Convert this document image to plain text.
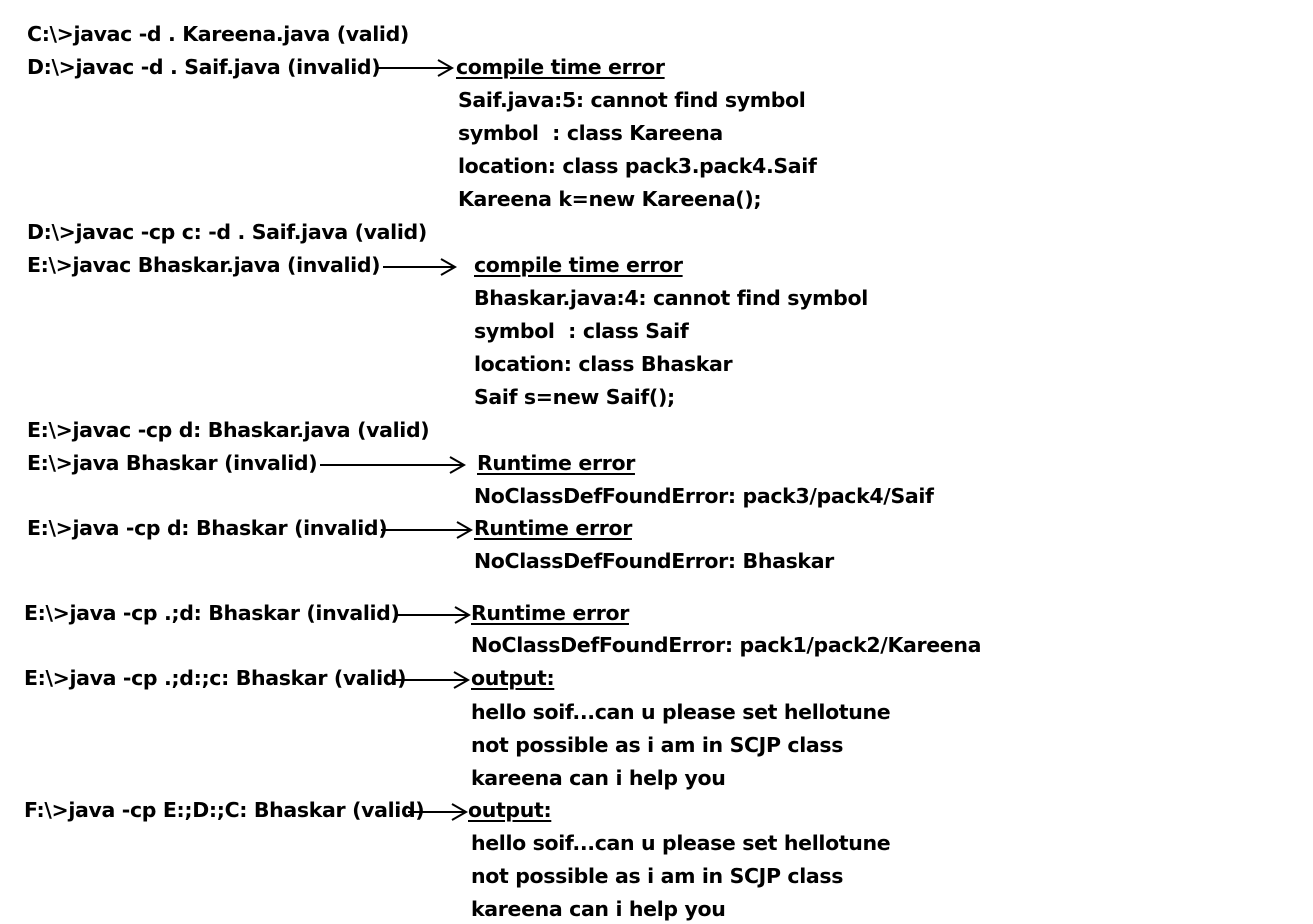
C:\>javac -d . Kareena.java (valid)
D:\>javac -d . Saif.java (invalid)
D:\>javac -cp c: -d . Saif.java (valid)
E:\>javac Bhaskar.java (invalid)
E:\>javac -cp d: Bhaskar.java (valid)
E:\>java Bhaskar (invalid)
E:\>java -cp d: Bhaskar (invalid)
E:\>java -cp .;d: Bhaskar (invalid)
E:\>java -cp .;d:;c: Bhaskar (valid)
F:\>java -cp E:;D:;C: Bhaskar (valid)
compile time error
Saif.java:5: cannot find symbol
symbol  : class Kareena
location: class pack3.pack4.Saif
Kareena k=new Kareena();
compile time error
Bhaskar.java:4: cannot find symbol
symbol  : class Saif
location: class Bhaskar
Saif s=new Saif();
Runtime error
NoClassDefFoundError: pack3/pack4/Saif
Runtime error
NoClassDefFoundError: Bhaskar
Runtime error
NoClassDefFoundError: pack1/pack2/Kareena
output:
hello soif...can u please set hellotune
not possible as i am in SCJP class
kareena can i help you
output:
hello soif...can u please set hellotune
not possible as i am in SCJP class
kareena can i help you
